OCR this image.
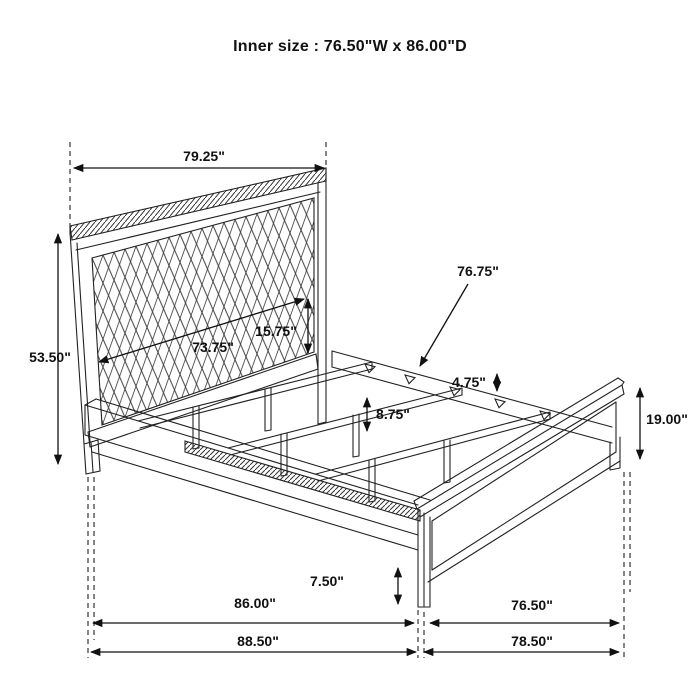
Inner size : 76.50"W x 86.00"D
79.25"
53.50"
73.75"
15.75"
76.75"
4.75"
8.75"	19.00"
7.50"
86.00"	76.50"
88.50"	78.50"
